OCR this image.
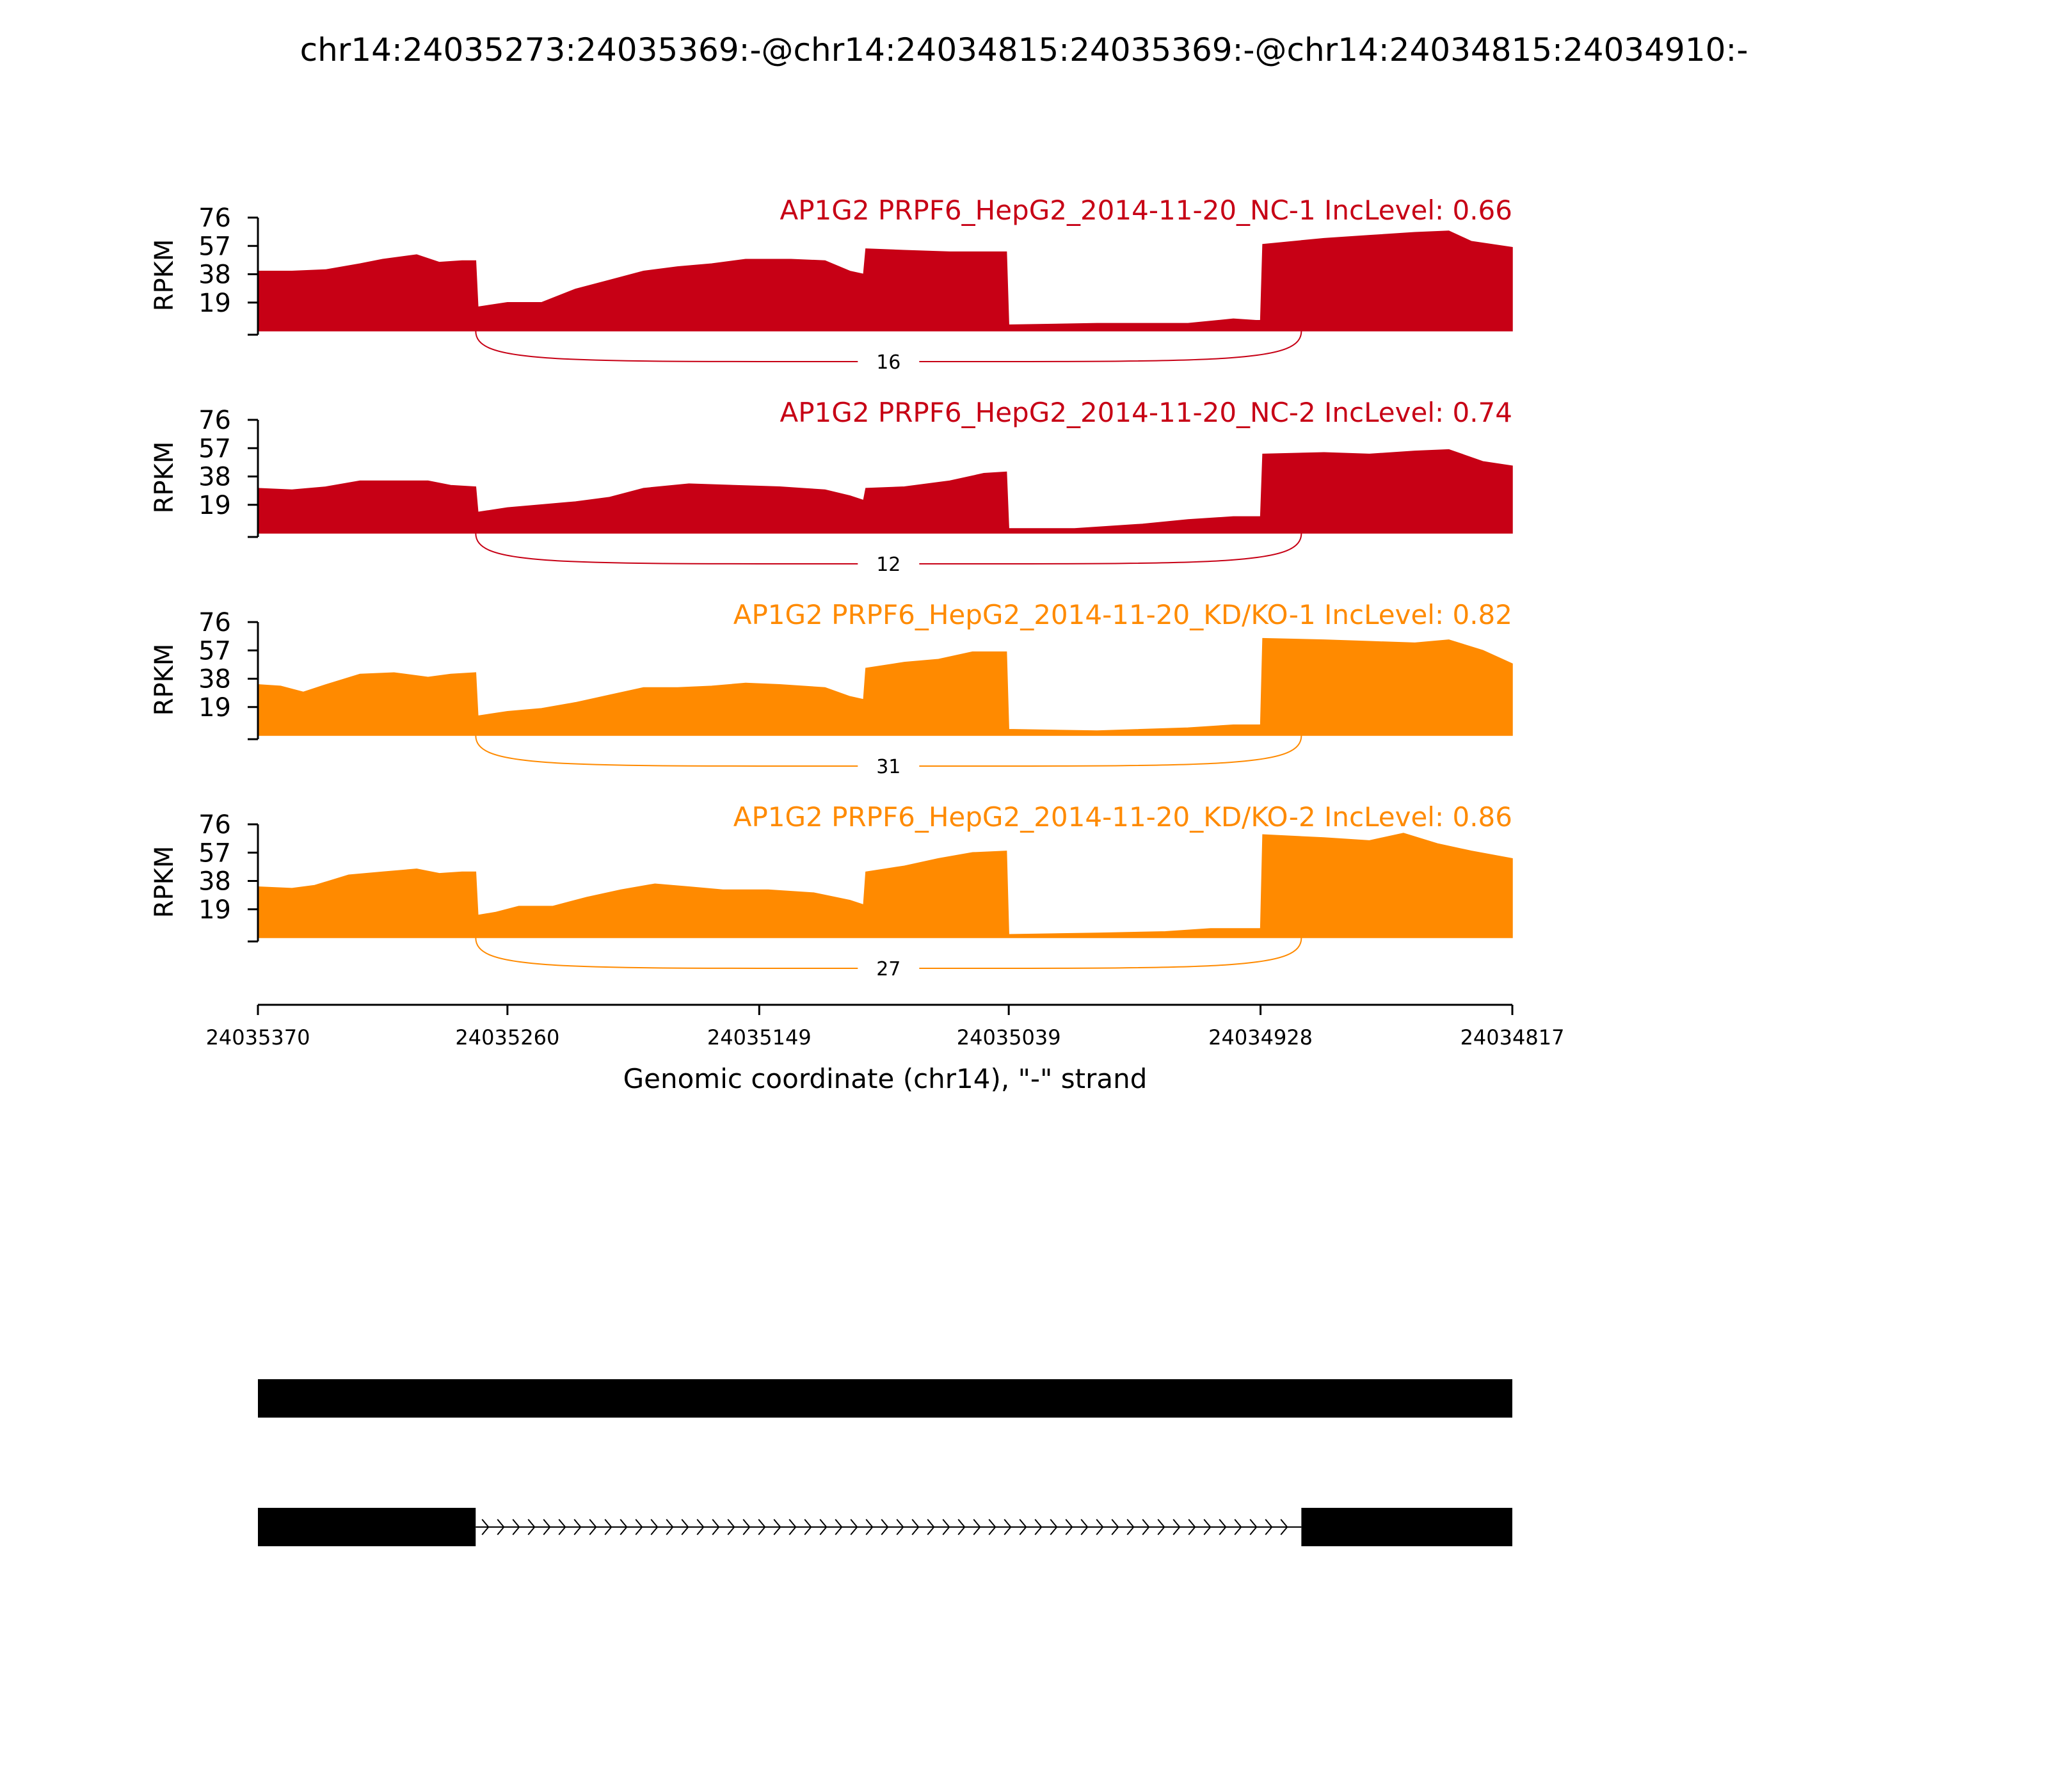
chr14:24035273:24035369:-@chr14:24034815:24035369:-@chr14:24034815:24034910:-
76
57
38
19
RPKM
AP1G2 PRPF6_HepG2_2014-11-20_NC-1 IncLevel: 0.66
16
76
57
38
19
RPKM
AP1G2 PRPF6_HepG2_2014-11-20_NC-2 IncLevel: 0.74
12
76
57
38
19
RPKM
AP1G2 PRPF6_HepG2_2014-11-20_KD/KO-1 IncLevel: 0.82
31
76
57
38
19
RPKM
AP1G2 PRPF6_HepG2_2014-11-20_KD/KO-2 IncLevel: 0.86
27
24035370	24035260	24035149	24035039	24034928	24034817
Genomic coordinate (chr14), "-" strand
